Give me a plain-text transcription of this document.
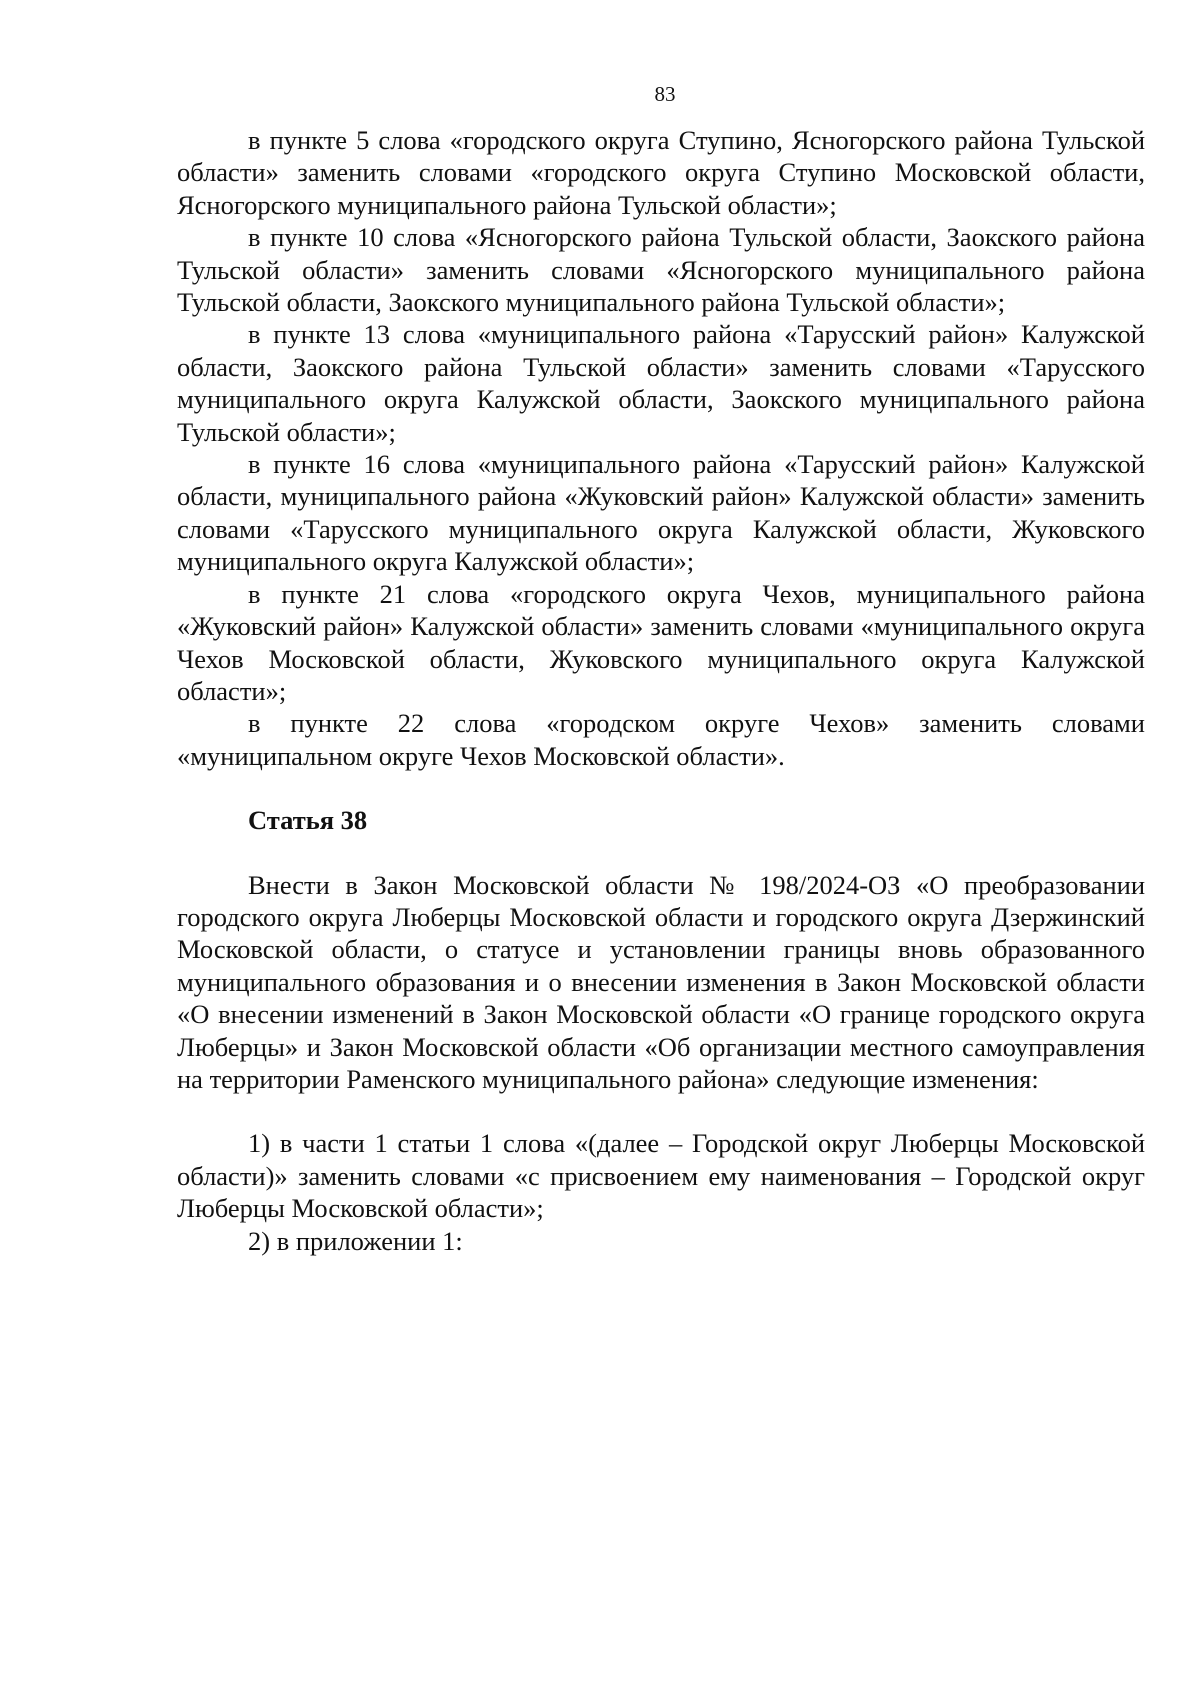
83

в пункте 5 слова «городского округа Ступино, Ясногорского района Тульской области» заменить словами «городского округа Ступино Московской области, Ясногорского муниципального района Тульской области»;

в пункте 10 слова «Ясногорского района Тульской области, Заокского района Тульской области» заменить словами «Ясногорского муниципального района Тульской области, Заокского муниципального района Тульской области»;

в пункте 13 слова «муниципального района «Тарусский район» Калужской области, Заокского района Тульской области» заменить словами «Тарусского муниципального округа Калужской области, Заокского муниципального района Тульской области»;

в пункте 16 слова «муниципального района «Тарусский район» Калужской области, муниципального района «Жуковский район» Калужской области» заменить словами «Тарусского муниципального округа Калужской области, Жуковского муниципального округа Калужской области»;

в пункте 21 слова «городского округа Чехов, муниципального района «Жуковский район» Калужской области» заменить словами «муниципального округа Чехов Московской области, Жуковского муниципального округа Калужской области»;

в пункте 22 слова «городском округе Чехов» заменить словами «муниципальном округе Чехов Московской области».

Статья 38

Внести в Закон Московской области № 198/2024-ОЗ «О преобразовании городского округа Люберцы Московской области и городского округа Дзержинский Московской области, о статусе и установлении границы вновь образованного муниципального образования и о внесении изменения в Закон Московской области «О внесении изменений в Закон Московской области «О границе городского округа Люберцы» и Закон Московской области «Об организации местного самоуправления на территории Раменского муниципального района» следующие изменения:

1) в части 1 статьи 1 слова «(далее – Городской округ Люберцы Московской области)» заменить словами «с присвоением ему наименования – Городской округ Люберцы Московской области»;

2) в приложении 1:
